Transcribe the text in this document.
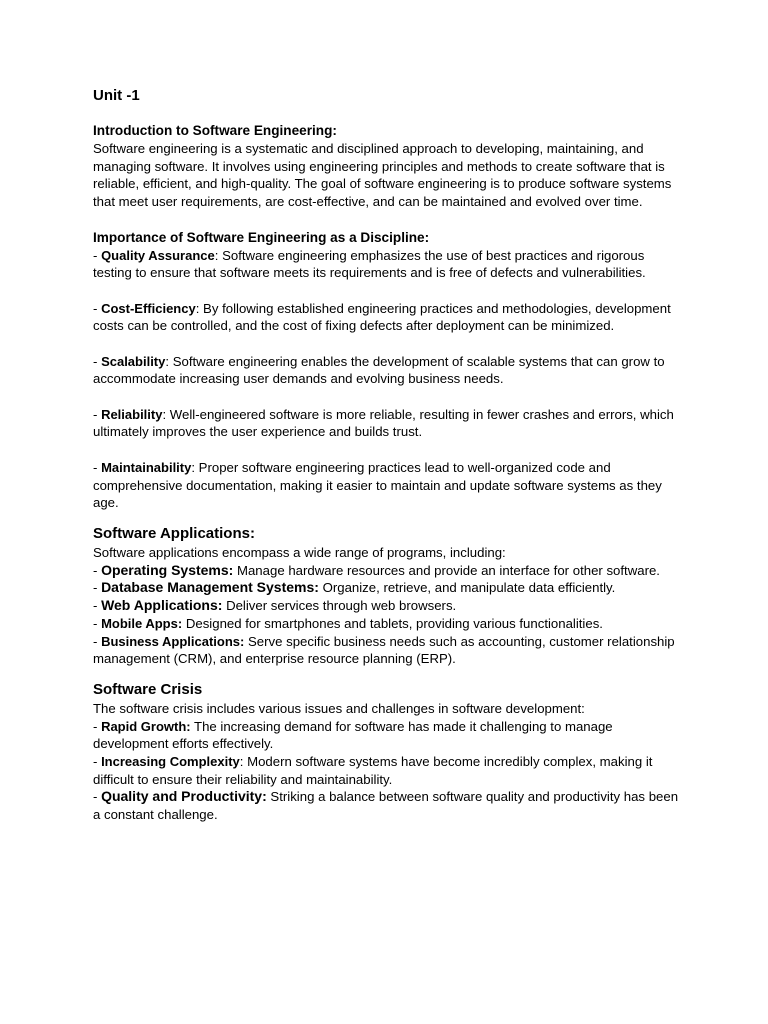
Unit -1
Introduction to Software Engineering:

Software engineering is a systematic and disciplined approach to developing, maintaining, and managing software. It involves using engineering principles and methods to create software that is reliable, efficient, and high-quality. The goal of software engineering is to produce software systems that meet user requirements, are cost-effective, and can be maintained and evolved over time.

Importance of Software Engineering as a Discipline:

- Quality Assurance: Software engineering emphasizes the use of best practices and rigorous testing to ensure that software meets its requirements and is free of defects and vulnerabilities.

- Cost-Efficiency: By following established engineering practices and methodologies, development costs can be controlled, and the cost of fixing defects after deployment can be minimized.

- Scalability: Software engineering enables the development of scalable systems that can grow to accommodate increasing user demands and evolving business needs.

- Reliability: Well-engineered software is more reliable, resulting in fewer crashes and errors, which ultimately improves the user experience and builds trust.

- Maintainability: Proper software engineering practices lead to well-organized code and comprehensive documentation, making it easier to maintain and update software systems as they age.

Software Applications:

Software applications encompass a wide range of programs, including:

- Operating Systems: Manage hardware resources and provide an interface for other software.

- Database Management Systems: Organize, retrieve, and manipulate data efficiently.

- Web Applications: Deliver services through web browsers.

- Mobile Apps: Designed for smartphones and tablets, providing various functionalities.

- Business Applications: Serve specific business needs such as accounting, customer relationship management (CRM), and enterprise resource planning (ERP).

Software Crisis

The software crisis includes various issues and challenges in software development:

- Rapid Growth: The increasing demand for software has made it challenging to manage development efforts effectively.

- Increasing Complexity: Modern software systems have become incredibly complex, making it difficult to ensure their reliability and maintainability.

- Quality and Productivity: Striking a balance between software quality and productivity has been a constant challenge.
